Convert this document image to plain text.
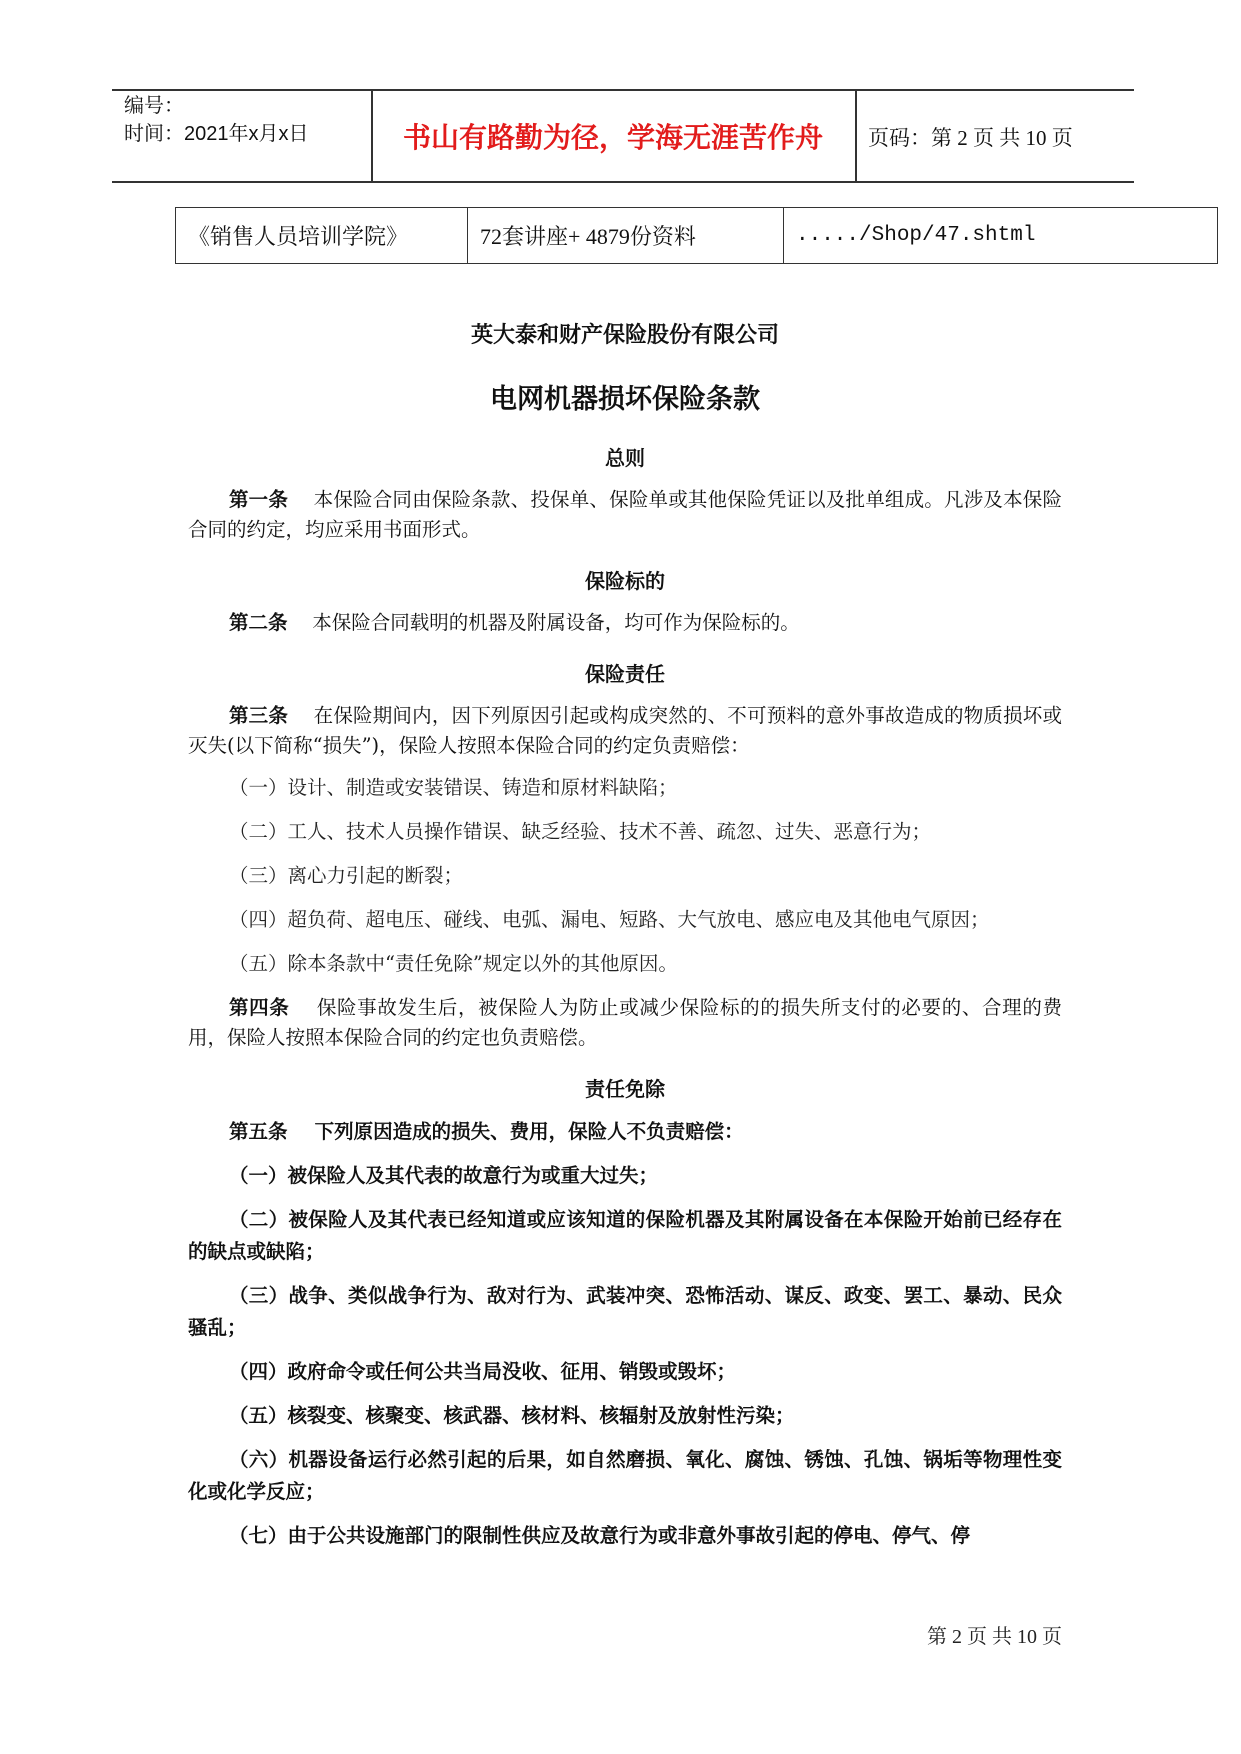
编号：
时间：2021年x月x日	书山有路勤为径，学海无涯苦作舟	页码：第 2 页 共 10 页
《销售人员培训学院》	72套讲座+ 4879份资料	...../Shop/47.shtml
英大泰和财产保险股份有限公司
电网机器损坏保险条款
总则

第一条 本保险合同由保险条款、投保单、保险单或其他保险凭证以及批单组成。凡涉及本保险合同的约定，均应采用书面形式。

保险标的

第二条 本保险合同载明的机器及附属设备，均可作为保险标的。

保险责任

第三条 在保险期间内，因下列原因引起或构成突然的、不可预料的意外事故造成的物质损坏或灭失(以下简称“损失”)，保险人按照本保险合同的约定负责赔偿：

（一）设计、制造或安装错误、铸造和原材料缺陷；
（二）工人、技术人员操作错误、缺乏经验、技术不善、疏忽、过失、恶意行为；
（三）离心力引起的断裂；
（四）超负荷、超电压、碰线、电弧、漏电、短路、大气放电、感应电及其他电气原因；
（五）除本条款中“责任免除”规定以外的其他原因。

第四条 保险事故发生后，被保险人为防止或减少保险标的的损失所支付的必要的、合理的费用，保险人按照本保险合同的约定也负责赔偿。

责任免除

第五条 下列原因造成的损失、费用，保险人不负责赔偿：

（一）被保险人及其代表的故意行为或重大过失；

（二）被保险人及其代表已经知道或应该知道的保险机器及其附属设备在本保险开始前已经存在的缺点或缺陷；

（三）战争、类似战争行为、敌对行为、武装冲突、恐怖活动、谋反、政变、罢工、暴动、民众骚乱；

（四）政府命令或任何公共当局没收、征用、销毁或毁坏；

（五）核裂变、核聚变、核武器、核材料、核辐射及放射性污染；

（六）机器设备运行必然引起的后果，如自然磨损、氧化、腐蚀、锈蚀、孔蚀、锅垢等物理性变化或化学反应；

（七）由于公共设施部门的限制性供应及故意行为或非意外事故引起的停电、停气、停

第 2 页 共 10 页
